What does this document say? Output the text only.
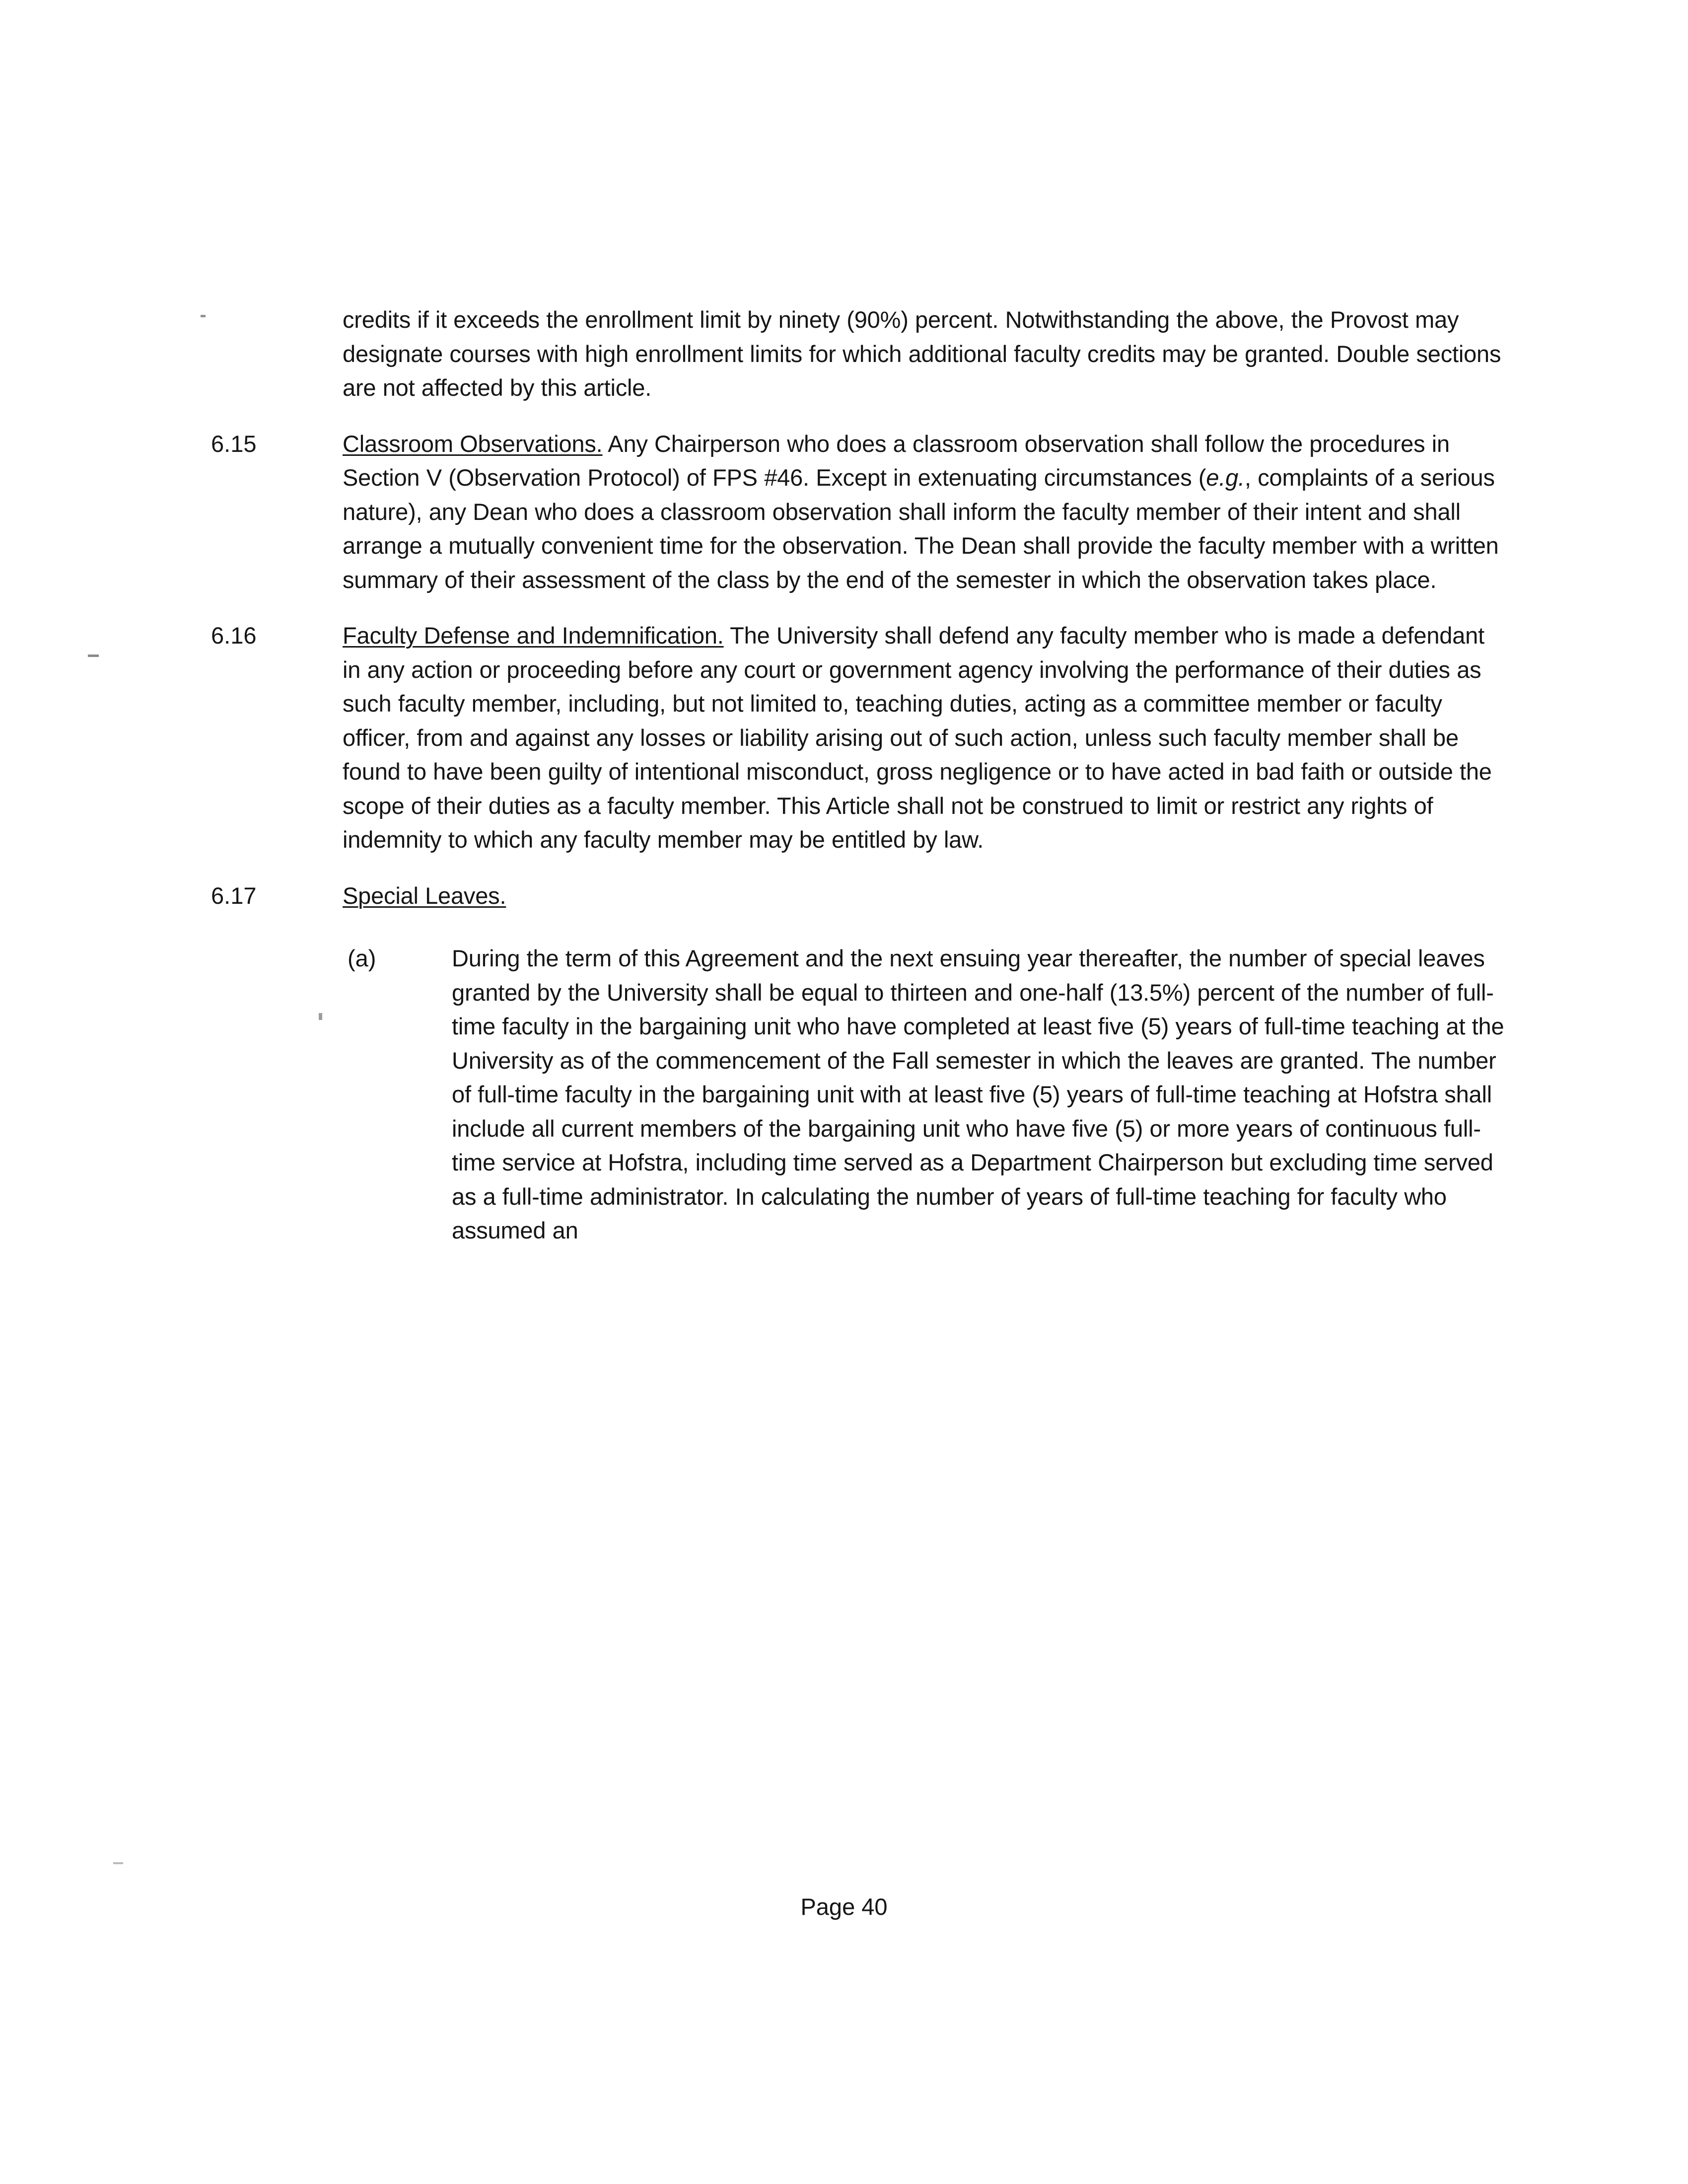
credits if it exceeds the enrollment limit by ninety (90%) percent. Notwithstanding the above, the Provost may designate courses with high enrollment limits for which additional faculty credits may be granted. Double sections are not affected by this article.
6.15	Classroom Observations. Any Chairperson who does a classroom observation shall follow the procedures in Section V (Observation Protocol) of FPS #46. Except in extenuating circumstances (e.g., complaints of a serious nature), any Dean who does a classroom observation shall inform the faculty member of their intent and shall arrange a mutually convenient time for the observation. The Dean shall provide the faculty member with a written summary of their assessment of the class by the end of the semester in which the observation takes place.
6.16	Faculty Defense and Indemnification. The University shall defend any faculty member who is made a defendant in any action or proceeding before any court or government agency involving the performance of their duties as such faculty member, including, but not limited to, teaching duties, acting as a committee member or faculty officer, from and against any losses or liability arising out of such action, unless such faculty member shall be found to have been guilty of intentional misconduct, gross negligence or to have acted in bad faith or outside the scope of their duties as a faculty member. This Article shall not be construed to limit or restrict any rights of indemnity to which any faculty member may be entitled by law.
6.17	Special Leaves.
(a)	During the term of this Agreement and the next ensuing year thereafter, the number of special leaves granted by the University shall be equal to thirteen and one-half (13.5%) percent of the number of full-time faculty in the bargaining unit who have completed at least five (5) years of full-time teaching at the University as of the commencement of the Fall semester in which the leaves are granted. The number of full-time faculty in the bargaining unit with at least five (5) years of full-time teaching at Hofstra shall include all current members of the bargaining unit who have five (5) or more years of continuous full-time service at Hofstra, including time served as a Department Chairperson but excluding time served as a full-time administrator. In calculating the number of years of full-time teaching for faculty who assumed an
Page 40
